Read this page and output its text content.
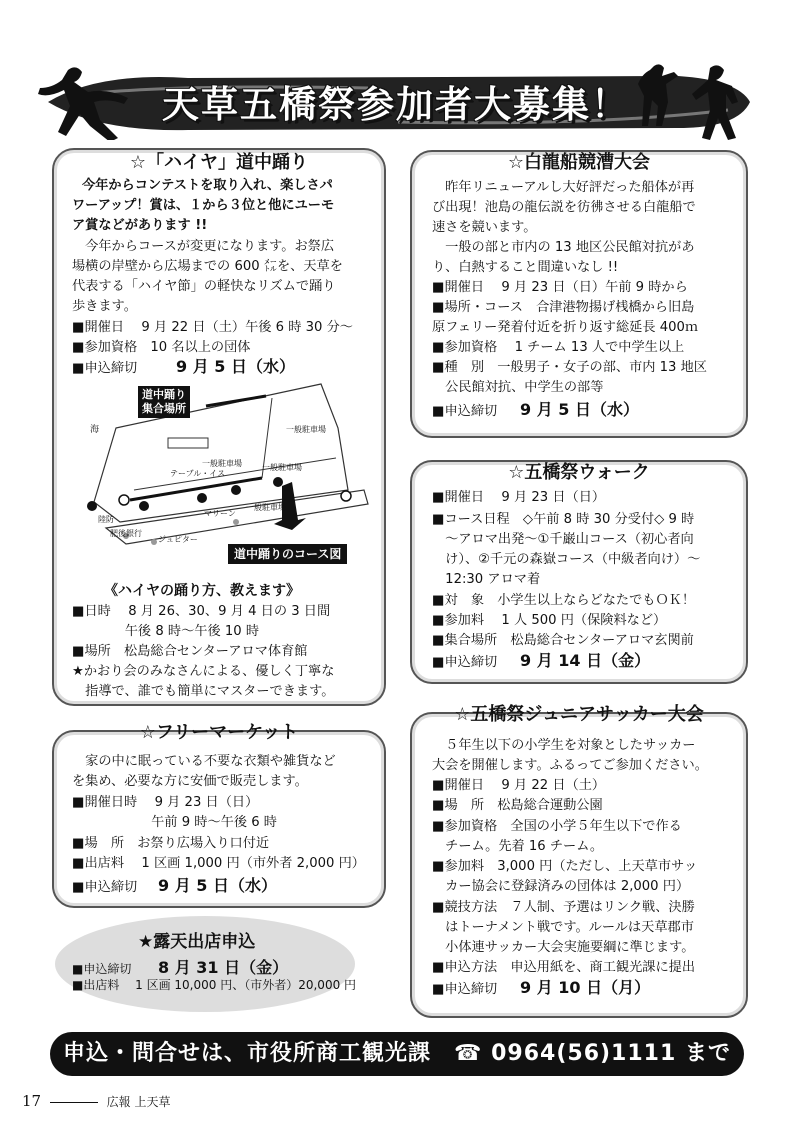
天草五橋祭参加者大募集！
☆「ハイヤ」道中踊り
今年からコンテストを取り入れ、楽しさパ
ワーアップ！賞は、１から３位と他にユーモ
ア賞などがあります !!
　今年からコースが変更になります。お祭広
場横の岸壁から広場までの 600 ㍍を、天草を
代表する「ハイヤ節」の軽快なリズムで踊り
歩きます。
■開催日　 9 月 22 日（土）午後 6 時 30 分～
■参加資格　10 名以上の団体
■申込締切 9 月 5 日（水）
道中踊り
集合場所
海
一般駐車場
一般駐車場
一般駐車場
一般駐車場
テーブル・イス
陸防
肥後銀行
マリーン
ジュピター
道中踊りのコース図
《ハイヤの踊り方、教えます》
■日時　 8 月 26、30、9 月 4 日の 3 日間
　　　　午後 8 時～午後 10 時
■場所　松島総合センターアロマ体育館
★かおり会のみなさんによる、優しく丁寧な
　指導で、誰でも簡単にマスターできます。
☆フリーマーケット
　家の中に眠っている不要な衣類や雑貨など
を集め、必要な方に安価で販売します。
■開催日時　 9 月 23 日（日）
　　　　　　午前 9 時～午後 6 時
■場　所　お祭り広場入り口付近
■出店料　 1 区画 1,000 円（市外者 2,000 円）
■申込締切 9 月 5 日（水）
★露天出店申込
■申込締切 8 月 31 日（金）
■出店料　 1 区画 10,000 円、（市外者）20,000 円
☆白龍船競漕大会
　昨年リニューアルし大好評だった船体が再
び出現！池島の龍伝説を彷彿させる白龍船で
速さを競います。
　一般の部と市内の 13 地区公民館対抗があ
り、白熱すること間違いなし !!
■開催日　 9 月 23 日（日）午前 9 時から
■場所・コース　合津港物揚げ桟橋から旧島
原フェリー発着付近を折り返す総延長 400ｍ
■参加資格　 1 チーム 13 人で中学生以上
■種　別　一般男子・女子の部、市内 13 地区
　公民館対抗、中学生の部等
■申込締切 9 月 5 日（水）
☆五橋祭ウォーク
■開催日　 9 月 23 日（日）
■コース日程　◇午前 8 時 30 分受付◇ 9 時
　～アロマ出発～①千巌山コース（初心者向
　け）、②千元の森嶽コース（中級者向け）～
　12:30 アロマ着
■対　象　小学生以上ならどなたでもＯＫ！
■参加料　 1 人 500 円（保険料など）
■集合場所　松島総合センターアロマ玄関前
■申込締切 9 月 14 日（金）
☆五橋祭ジュニアサッカー大会
　５年生以下の小学生を対象としたサッカー
大会を開催します。ふるってご参加ください。
■開催日　 9 月 22 日（土）
■場　所　松島総合運動公園
■参加資格　全国の小学５年生以下で作る
　チーム。先着 16 チーム。
■参加料　3,000 円（ただし、上天草市サッ
　カー協会に登録済みの団体は 2,000 円）
■競技方法　７人制、予選はリンク戦、決勝
　はトーナメント戦です。ルールは天草郡市
　小体連サッカー大会実施要綱に準じます。
■申込方法　申込用紙を、商工観光課に提出
■申込締切 9 月 10 日（月）
申込・問合せは、市役所商工観光課　☎ 0964(56)1111 まで
17	広報 上天草
